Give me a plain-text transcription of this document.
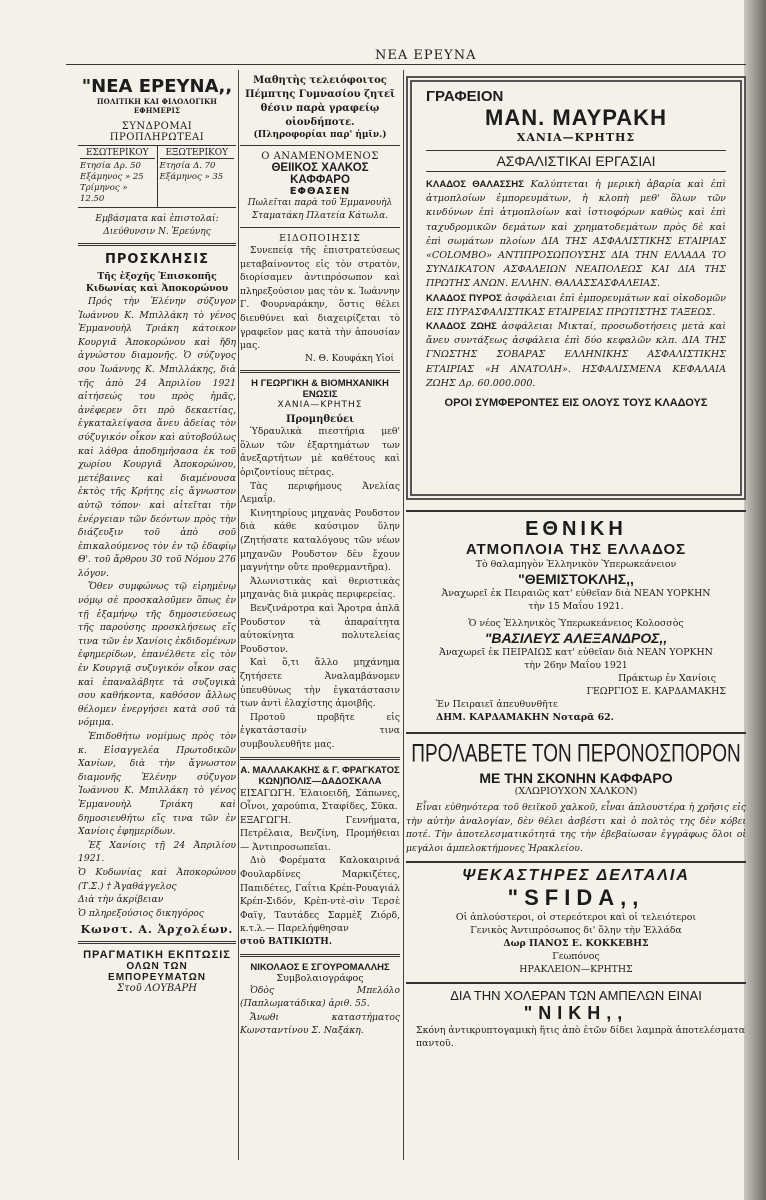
ΝΕΑ ΕΡΕΥΝΑ
"ΝΕΑ ΕΡΕΥΝΑ,,
ΠΟΛΙΤΙΚΗ ΚΑΙ ΦΙΛΟΛΟΓΙΚΗ ΕΦΗΜΕΡΙΣ
ΣΥΝΔΡΟΜΑΙ ΠΡΟΠΛΗΡΩΤΕΑΙ
ΕΣΩΤΕΡΙΚΟΥ
Ετησία Δρ. 50
Εξάμηνος » 25
Τρίμηνος » 12.50
ΕΞΩΤΕΡΙΚΟΥ
Ετησία Δ. 70
Εξάμηνος » 35
Εμβάσματα καὶ ἐπιστολαί:
Διεύθυνσιν Ν. Ἐρεύνης
ΠΡΟΣΚΛΗΣΙΣ
Τῆς ἐξοχῆς Ἐπισκοπῆς Κιδωνίας καὶ Ἀποκορώνου

Πρός τὴν Ἑλένην σύζυγον Ἰωάννου Κ. Μπιλλάκη τὸ γένος Ἐμμανουὴλ Τριάκη κάτοικον Κουργιᾶ Ἀποκορώνου καὶ ἤδη ἀγνώστου διαμονῆς. Ὁ σύζυγος σου Ἰωάννης Κ. Μπιλλάκης, διὰ τῆς ἀπὸ 24 Ἀπριλίου 1921 αἰτήσεώς του πρὸς ἡμᾶς, ἀνέφερεν ὅτι πρὸ δεκαετίας, ἐγκαταλείψασα ἄνευ ἀδείας τὸν σύζυγικόν οἶκον καὶ αὐτοβούλως καὶ λάθρα ἀποδημήσασα ἐκ τοῦ χωρίου Κουργιᾶ Ἀποκορώνου, μετέβαινες καὶ διαμένουσα ἐκτὸς τῆς Κρήτης εἰς ἄγνωστον αὐτῷ τόπον· καὶ αἰτεῖται τὴν ἐνέργειαν τῶν δεόντων πρὸς τὴν διάζευξιν τοῦ ἀπὸ σοῦ ἐπικαλούμενος τὸν ἐν τῷ ἐδαφίῳ Θ'. τοῦ ἄρθρου 30 τοῦ Νόμου 276 λόγον.

Ὅθεν συμφώνως τῷ εἰρημένῳ νόμῳ σὲ προσκαλοῦμεν ὅπως ἐν τῇ ἐξαμήνῳ τῆς δημοσιεύσεως τῆς παρούσης προσκλήσεως εἴς τινα τῶν ἐν Χανίοις ἐκδιδομένων ἐφημερίδων, ἐπανέλθετε εἰς τὸν ἐν Κουργιᾷ συζυγικόν οἶκον σας καὶ ἐπαναλάβητε τὰ συζυγικὰ σου καθήκοντα, καθόσον ἄλλως θέλομεν ἐνεργήσει κατὰ σοῦ τὰ νόμιμα.

Ἐπιδοθήτω νομίμως πρὸς τὸν κ. Εἰσαγγελέα Πρωτοδικῶν Χανίων, διὰ τὴν ἄγνωστον διαμονῆς Ἑλένην σύζυγον Ἰωάννου Κ. Μπιλλάκη τὸ γένος Ἐμμανουὴλ Τριάκη καὶ δημοσιευθήτω εἴς τινα τῶν ἐν Χανίοις ἐφημερίδων.

Ἐξ Χανίοις τῇ 24 Ἀπριλίου 1921.

Ὁ Κυδωνίας καὶ Ἀποκορώνου (Τ.Σ.) † Ἀγαθάγγελος

Διὰ τὴν ἀκρίβειαν

Ὁ πληρεξούσιος δικηγόρος

Κωνστ. Α. Ἀρχολέων.

ΠΡΑΓΜΑΤΙΚΗ ΕΚΠΤΩΣΙΣ
ΟΛΩΝ ΤΩΝ ΕΜΠΟΡΕΥΜΑΤΩΝ
Στοῦ ΛΟΥΒΑΡΗ

Μαθητὴς τελειόφοιτος Πέμπτης Γυμνασίου ζητεῖ θέσιν παρὰ γραφείῳ οἱονδήποτε.

(Πληροφορίαι παρ' ἡμῖν.)

Ο ΑΝΑΜΕΝΟΜΕΝΟΣ
ΘΕΙΙΚΟΣ ΧΑΛΚΟΣ ΚΑΦΦΑΡΟ
ΕΦΘΑΣΕΝ

Πωλεῖται παρὰ τοῦ Ἐμμανουὴλ Σταματάκη Πλατεία Κάτωλα.

ΕΙΔΟΠΟΙΗΣΙΣ

Συνεπείᾳ τῆς ἐπιστρατεύσεως μεταβαίνοντος εἰς τὸν στρατὸν, διορίσαμεν ἀντιπρόσωπον καὶ πληρεξούσιον μας τὸν κ. Ἰωάννην Γ. Φουρναράκην, ὅστις θέλει διευθύνει καὶ διαχειρίζεται τὸ γραφεῖον μας κατὰ τὴν ἀπουσίαν μας.

Ν. Θ. Κουφάκη Υἱοί

Η ΓΕΩΡΓΙΚΗ & ΒΙΟΜΗΧΑΝΙΚΗ ΕΝΩΣΙΣ
ΧΑΝΙΑ—ΚΡΗΤΗΣ
Προμηθεύει

Ὑδραυλικὰ πιεστήρια μεθ' ὅλων τῶν ἐξαρτημάτων των ἀνεξαρτήτων μὲ καθέτους καὶ ὁριζοντίους πέτρας.

Τὰς περιφήμους Ἀνελίας Λεμαΐρ.

Κινητηρίους μηχανὰς Ρουδστον διὰ κάθε καύσιμον ὕλην (Ζητήσατε καταλόγους τῶν νέων μηχανῶν Ρουδστον δὲν ἔχουν μαγνήτην οὔτε προθερμαντῆρα).

Ἀλωνιστικὰς καὶ θεριστικὰς μηχανὰς διὰ μικρὰς περιφερείας.

Βενζινάροτρα καὶ Ἄροτρα ἁπλᾶ Ρουδστον τὰ ἀπαραίτητα αὐτοκίνητα πολυτελείας Ρουδστον.

Καὶ ὅ,τι ἄλλο μηχάνημα ζητήσετε Ἀναλαμβάνομεν ὑπευθύνως τὴν ἐγκατάστασιν των ἀντὶ ἐλαχίστης ἀμοιβῆς.

Προτοῦ προβῆτε εἰς ἐγκατάστασίν τινα συμβουλευθῆτε μας.

Α. ΜΑΛΛΑΚΑΚΗΣ & Γ. ΦΡΑΓΚΑΤΟΣ
ΚΩΝ)ΠΟΛΙΣ—ΔΑΔΟΣΚΑΛΑ

ΕΙΣΑΓΩΓΗ. Ἐλαιοειδῆ, Σάπωνες, Οἶνοι, χαρούπια, Σταφίδες, Σῦκα.

ΕΞΑΓΩΓΗ. Γεννήματα, Πετρέλαια, Βενζίνη, Προμήθειαι — Ἀντιπροσωπεῖαι.

Διὸ Φορέματα Καλοκαιρινά Φουλαρδίνες Μαρκιζέτες, Παπιδέτες, Γαΐτια Κρέπ-Ρουαγιάλ Κρέπ-Σιδόν, Κρὲπ-ντὲ-σὶν Τερσὲ Φαϊγ, Ταυτάδες Σαρμὲξ Ζιόρδ, κ.τ.λ.— Παρελήφθησαν

στοῦ ΒΑΤΙΚΙΩΤΗ.

ΝΙΚΟΛΑΟΣ Ε ΣΓΟΥΡΟΜΑΛΛΗΣ
Συμβολαιογράφος

Ὁδὸς Μπελόλο (Παπλωματάδικα) ἀριθ. 55.

Ἄνωθι καταστήματος Κωνσταντίνου Σ. Ναξάκη.

ΓΡΑΦΕΙΟΝ
ΜΑΝ. ΜΑΥΡΑΚΗ
ΧΑΝΙΑ—ΚΡΗΤΗΣ
ΑΣΦΑΛΙΣΤΙΚΑΙ ΕΡΓΑΣΙΑΙ

ΚΛΑΔΟΣ ΘΑΛΑΣΣΗΣ Καλύπτεται ἡ μερικὴ ἀβαρία καὶ ἐπὶ ἀτμοπλοίων ἐμπορευμάτων, ἡ κλοπὴ μεθ' ὅλων τῶν κινδύνων ἐπὶ ἀτμοπλοίων καὶ ἱστιοφόρων καθὼς καὶ ἐπὶ ταχυδρομικῶν δεμάτων καὶ χρηματοδεμάτων πρὸς δὲ καὶ ἐπὶ σωμάτων πλοίων ΔΙΑ ΤΗΣ ΑΣΦΑΛΙΣΤΙΚΗΣ ΕΤΑΙΡΙΑΣ «COLOMBO» ΑΝΤΙΠΡΟΣΩΠΟΥΣΗΣ ΔΙΑ ΤΗΝ ΕΛΛΑΔΑ ΤΟ ΣΥΝΔΙΚΑΤΟΝ ΑΣΦΑΛΕΙΩΝ ΝΕΑΠΟΛΕΩΣ ΚΑΙ ΔΙΑ ΤΗΣ ΠΡΩΤΗΣ ΑΝΩΝ. ΕΛΛΗΝ. ΘΑΛΑΣΣΑΣΦΑΛΕΙΑΣ.

ΚΛΑΔΟΣ ΠΥΡΟΣ ἀσφάλειαι ἐπὶ ἐμπορευμάτων καὶ οἰκοδομῶν ΕΙΣ ΠΥΡΑΣΦΑΛΙΣΤΙΚΑΣ ΕΤΑΙΡΕΙΑΣ ΠΡΩΤΙΣΤΗΣ ΤΑΞΕΩΣ.

ΚΛΑΔΟΣ ΖΩΗΣ ἀσφάλειαι Μικταί, προσωδοτήσεις μετὰ καὶ ἄνευ συντάξεως ἀσφάλεια ἐπὶ δύο κεφαλῶν κλπ. ΔΙΑ ΤΗΣ ΓΝΩΣΤΗΣ ΣΟΒΑΡΑΣ ΕΛΛΗΝΙΚΗΣ ΑΣΦΑΛΙΣΤΙΚΗΣ ΕΤΑΙΡΙΑΣ «Η ΑΝΑΤΟΛΗ». ΗΣΦΑΛΙΣΜΕΝΑ ΚΕΦΑΛΑΙΑ ΖΩΗΣ Δρ. 60.000.000.

ΟΡΟΙ ΣΥΜΦΕΡΟΝΤΕΣ ΕΙΣ ΟΛΟΥΣ ΤΟΥΣ ΚΛΑΔΟΥΣ
ΕΘΝΙΚΗ
ΑΤΜΟΠΛΟΙΑ ΤΗΣ ΕΛΛΑΔΟΣ
Τὸ θαλαμηγὸν Ἑλληνικὸν Ὑπερωκεάνειον
"ΘΕΜΙΣΤΟΚΛΗΣ,,
Ἀναχωρεῖ ἐκ Πειραιῶς κατ' εὐθεῖαν διὰ ΝΕΑΝ ΥΟΡΚΗΝ
τὴν 15 Μαΐου 1921.
Ὁ νέος Ἑλληνικὸς Ὑπερωκεάνειος Κολοσσὸς
"ΒΑΣΙΛΕΥΣ ΑΛΕΞΑΝΔΡΟΣ,,
Ἀναχωρεῖ ἐκ ΠΕΙΡΑΙΩΣ κατ' εὐθεῖαν διὰ ΝΕΑΝ ΥΟΡΚΗΝ
τὴν 26ην Μαΐου 1921
Πράκτωρ ἐν Χανίοις
ΓΕΩΡΓΙΟΣ Ε. ΚΑΡΔΑΜΑΚΗΣ
Ἐν Πειραιεῖ ἀπευθυνθῆτε
ΔΗΜ. ΚΑΡΔΑΜΑΚΗΝ Νοταρᾶ 62.
ΠΡΟΛΑΒΕΤΕ ΤΟΝ ΠΕΡΟΝΟΣΠΟΡΟΝ
ΜΕ ΤΗΝ ΣΚΟΝΗΝ ΚΑΦΦΑΡΟ
(ΧΛΩΡΙΟΥΧΟΝ ΧΑΛΚΟΝ)

Εἶναι εὐθηνότερα τοῦ θειϊκοῦ χαλκοῦ, εἶναι ἀπλουστέρα ἡ χρῆσις εἰς τὴν αὐτὴν ἀναλογίαν, δὲν θέλει ἀσβέστι καὶ ὁ πολτὸς της δὲν κόβει ποτέ. Τὴν ἀποτελεσματικότητά της τὴν ἐβεβαίωσαν ἐγγράφως ὅλοι οἱ μεγάλοι ἀμπελοκτήμονες Ἡρακλείου.

ΨΕΚΑΣΤΗΡΕΣ ΔΕΛΤΑΛΙΑ
"SFIDA,,
Οἱ ἁπλούστεροι, οἱ στερεότεροι καὶ οἱ τελειότεροι
Γενικὸς Ἀντιπρόσωπος δι' ὅλην τὴν Ἑλλάδα
Δωρ ΠΑΝΟΣ Ε. ΚΟΚΚΕΒΗΣ
Γεωπόνος
ΗΡΑΚΛΕΙΟΝ—ΚΡΗΤΗΣ
ΔΙΑ ΤΗΝ ΧΟΛΕΡΑΝ ΤΩΝ ΑΜΠΕΛΩΝ ΕΙΝΑΙ
"ΝΙΚΗ,,
Σκόνη ἀντικρυπτογαμικὴ ἥτις ἀπὸ ἐτῶν δίδει λαμπρὰ ἀποτελέσματα παντοῦ.
